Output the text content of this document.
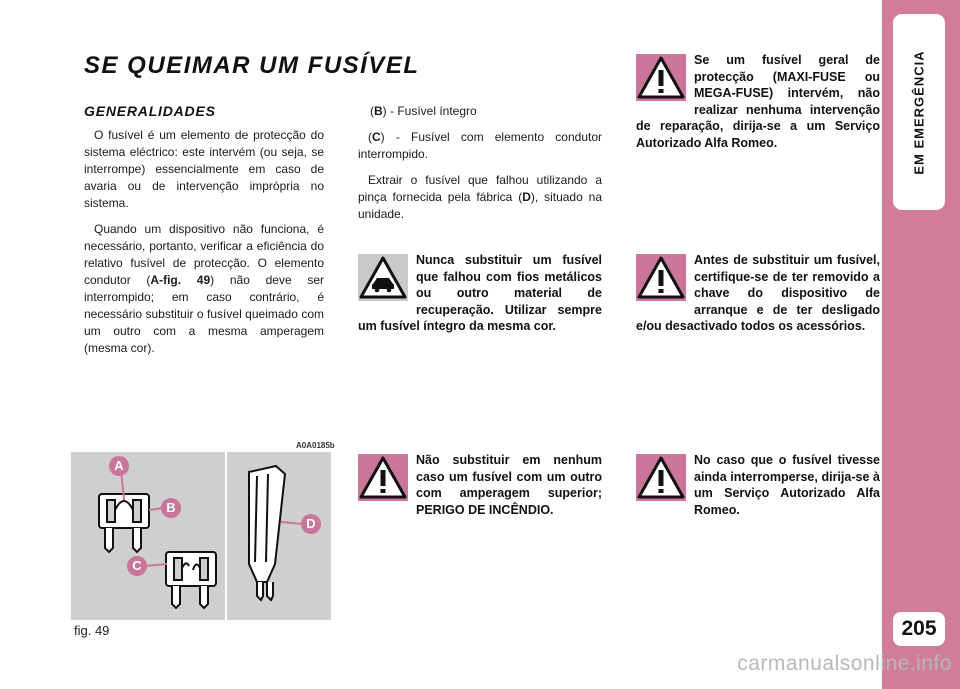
EM EMERGÊNCIA
205
SE QUEIMAR UM FUSÍVEL
GENERALIDADES

O fusível é um elemento de protecção do sistema eléctrico: este intervém (ou seja, se interrompe) essencialmente em caso de avaria ou de intervenção imprópria no sistema.

Quando um dispositivo não funciona, é necessário, portanto, verificar a eficiência do relativo fusível de protecção. O elemento condutor (A-fig. 49) não deve ser interrompido; em caso contrário, é necessário substituir o fusível queimado com um outro com a mesma amperagem (mesma cor).

(B) - Fusível íntegro

(C) - Fusível com elemento condutor interrompido.

Extrair o fusível que falhou utilizando a pinça fornecida pela fábrica (D), situado na unidade.

Nunca substituir um fusível que falhou com fios metálicos ou outro material de recuperação. Utilizar sempre um fusível íntegro da mesma cor.
Não substituir em nenhum caso um fusível com um outro com amperagem superior; PERIGO DE INCÊNDIO.
Se um fusível geral de protecção (MAXI-FUSE ou MEGA-FUSE) intervém, não realizar nenhuma intervenção de reparação, dirija-se a um Serviço Autorizado Alfa Romeo.
Antes de substituir um fusível, certifique-se de ter removido a chave do dispositivo de arranque e de ter desligado e/ou desactivado todos os acessórios.
No caso que o fusível tivesse ainda interromperse, dirija-se à um Serviço Autorizado Alfa Romeo.
A0A0185b
A
B
C
D
fig. 49
carmanualsonline.info
